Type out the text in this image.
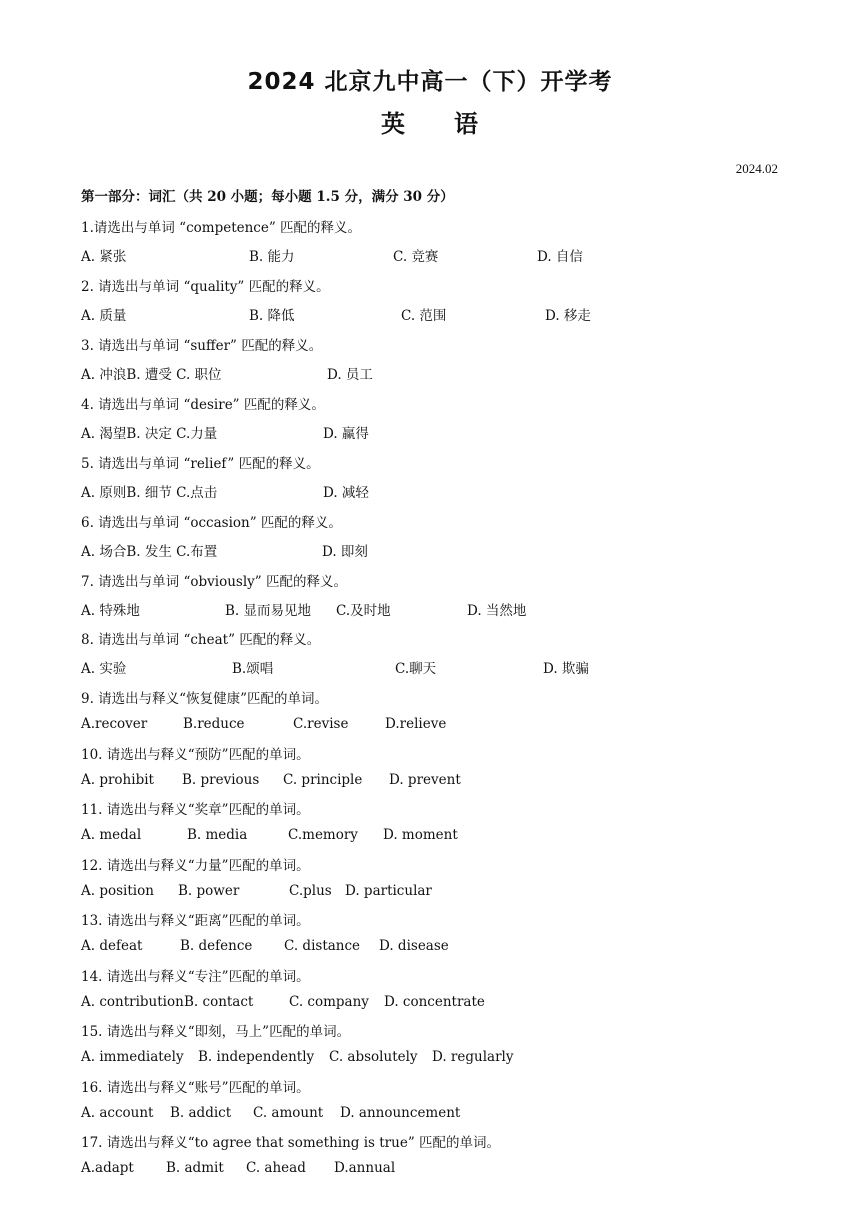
2024 北京九中高一（下）开学考
英 语
2024.02
第一部分：词汇（共 20 小题；每小题 1.5 分，满分 30 分）
1.请选出与单词 “competence” 匹配的释义。
A. 紧张	B. 能力	C. 竞赛	D. 自信
2. 请选出与单词 “quality” 匹配的释义。
A. 质量	B. 降低	C. 范围	D. 移走
3. 请选出与单词 “suffer” 匹配的释义。
A. 冲浪B. 遭受 C. 职位	D. 员工
4. 请选出与单词 “desire” 匹配的释义。
A. 渴望B. 决定 C.力量	D. 赢得
5. 请选出与单词 “relief” 匹配的释义。
A. 原则B. 细节 C.点击	D. 减轻
6. 请选出与单词 “occasion” 匹配的释义。
A. 场合B. 发生 C.布置	D. 即刻
7. 请选出与单词 “obviously” 匹配的释义。
A. 特殊地	B. 显而易见地 C.及时地	D. 当然地
8. 请选出与单词 “cheat” 匹配的释义。
A. 实验	B.颂唱	C.聊天	D. 欺骗
9. 请选出与释义“恢复健康”匹配的单词。
A.recover	B.reduce	C.revise	D.relieve
10. 请选出与释义“预防”匹配的单词。
A. prohibit B. previous C. principle D. prevent
11. 请选出与释义“奖章”匹配的单词。
A. medal	B. media	C.memory D. moment
12. 请选出与释义“力量”匹配的单词。
A. position B. power	C.plus D. particular
13. 请选出与释义“距离”匹配的单词。
A. defeat	B. defence C. distance D. disease
14. 请选出与释义“专注”匹配的单词。
A. contribution B. contact	C. company D. concentrate
15. 请选出与释义“即刻，马上”匹配的单词。
A. immediately B. independently C. absolutely D. regularly
16. 请选出与释义“账号”匹配的单词。
A. account B. addict C. amount D. announcement
17. 请选出与释义“to agree that something is true” 匹配的单词。
A.adapt B. admit C. ahead D.annual
